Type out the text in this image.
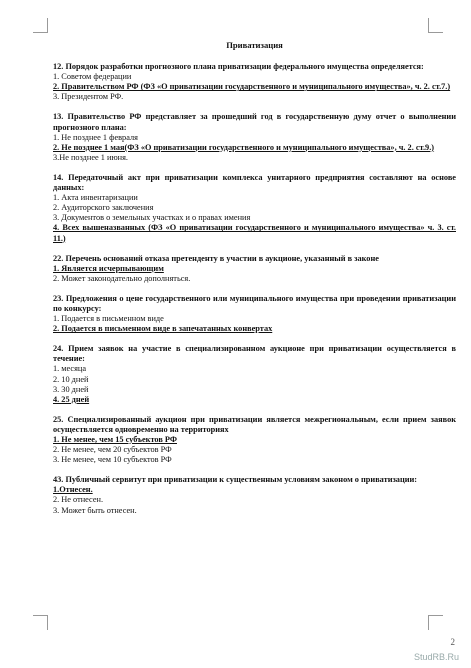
Приватизация
12. Порядок разработки прогнозного плана приватизации федерального имущества определяется:
1. Советом федерации
2. Правительством РФ (ФЗ «О приватизации государственного и муниципального имущества», ч. 2. ст.7.)
3. Президентом РФ.
13. Правительство РФ представляет за прошедший год в государственную думу отчет о выполнении прогнозного плана:
1. Не позднее 1 февраля
2. Не позднее 1 мая(ФЗ «О приватизации государственного и муниципального имущества», ч. 2. ст.9.)
3.Не позднее 1 июня.
14. Передаточный акт при приватизации комплекса унитарного предприятия составляют на основе данных:
1. Акта инвентаризации
2. Аудиторского заключения
3. Документов о земельных участках и о правах имения
4. Всех вышеназванных (ФЗ «О приватизации государственного и муниципального имущества» ч. 3. ст. 11.)
22. Перечень оснований отказа претенденту в участии в аукционе, указанный в законе
1. Является исчерпывающим
2. Может законодательно дополняться.
23. Предложения о цене государственного или муниципального имущества при проведении приватизации по конкурсу:
1. Подается в письменном виде
2. Подается в письменном виде в запечатанных конвертах
24. Прием заявок на участие в специализированном аукционе при приватизации осуществляется в течение:
1. месяца
2. 10 дней
3. 30 дней
4. 25 дней
25. Специализированный аукцион при приватизации является межрегиональным, если прием заявок осуществляется одновременно на территориях
1. Не менее, чем 15 субъектов РФ
2. Не менее, чем 20 субъектов РФ
3. Не менее, чем 10 субъектов РФ
43. Публичный сервитут при приватизации к существенным условиям законом о приватизации:
1.Отнесен.
2. Не отнесен.
3. Может быть отнесен.
2
StudRB.Ru
